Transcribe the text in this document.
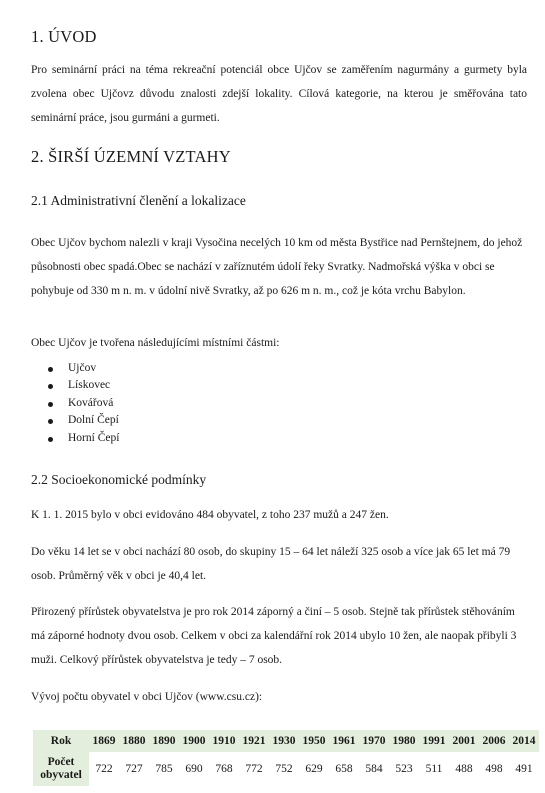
1. ÚVOD

Pro seminární práci na téma rekreační potenciál obce Ujčov se zaměřením nagurmány a gurmety byla zvolena obec Ujčovz důvodu znalosti zdejší lokality. Cílová kategorie, na kterou je směřována tato seminární práce, jsou gurmáni a gurmeti.

2. ŠIRŠÍ ÚZEMNÍ VZTAHY
2.1 Administrativní členění a lokalizace

Obec Ujčov bychom nalezli v kraji Vysočina necelých 10 km od města Bystřice nad Pernštejnem, do jehož působnosti obec spadá.Obec se nachází v zaříznutém údolí řeky Svratky. Nadmořská výška v obci se pohybuje od 330 m n. m. v údolní nivě Svratky, až po 626 m n. m., což je kóta vrchu Babylon.

Obec Ujčov je tvořena následujícími místními částmi:

Ujčov
Lískovec
Kovářová
Dolní Čepí
Horní Čepí
2.2 Socioekonomické podmínky

K 1. 1. 2015 bylo v obci evidováno 484 obyvatel, z toho 237 mužů a 247 žen.

Do věku 14 let se v obci nachází 80 osob, do skupiny 15 – 64 let náleží 325 osob a více jak 65 let má 79 osob. Průměrný věk v obci je 40,4 let.

Přirozený přírůstek obyvatelstva je pro rok 2014 záporný a činí – 5 osob. Stejně tak přírůstek stěhováním má záporné hodnoty dvou osob. Celkem v obci za kalendářní rok 2014 ubylo 10 žen, ale naopak přibyli 3 muži. Celkový přírůstek obyvatelstva je tedy – 7 osob.

Vývoj počtu obyvatel v obci Ujčov (www.csu.cz):

Rok	1869	1880	1890	1900	1910	1921	1930	1950	1961	1970	1980	1991	2001	2006	2014
Počet obyvatel	722	727	785	690	768	772	752	629	658	584	523	511	488	498	491
